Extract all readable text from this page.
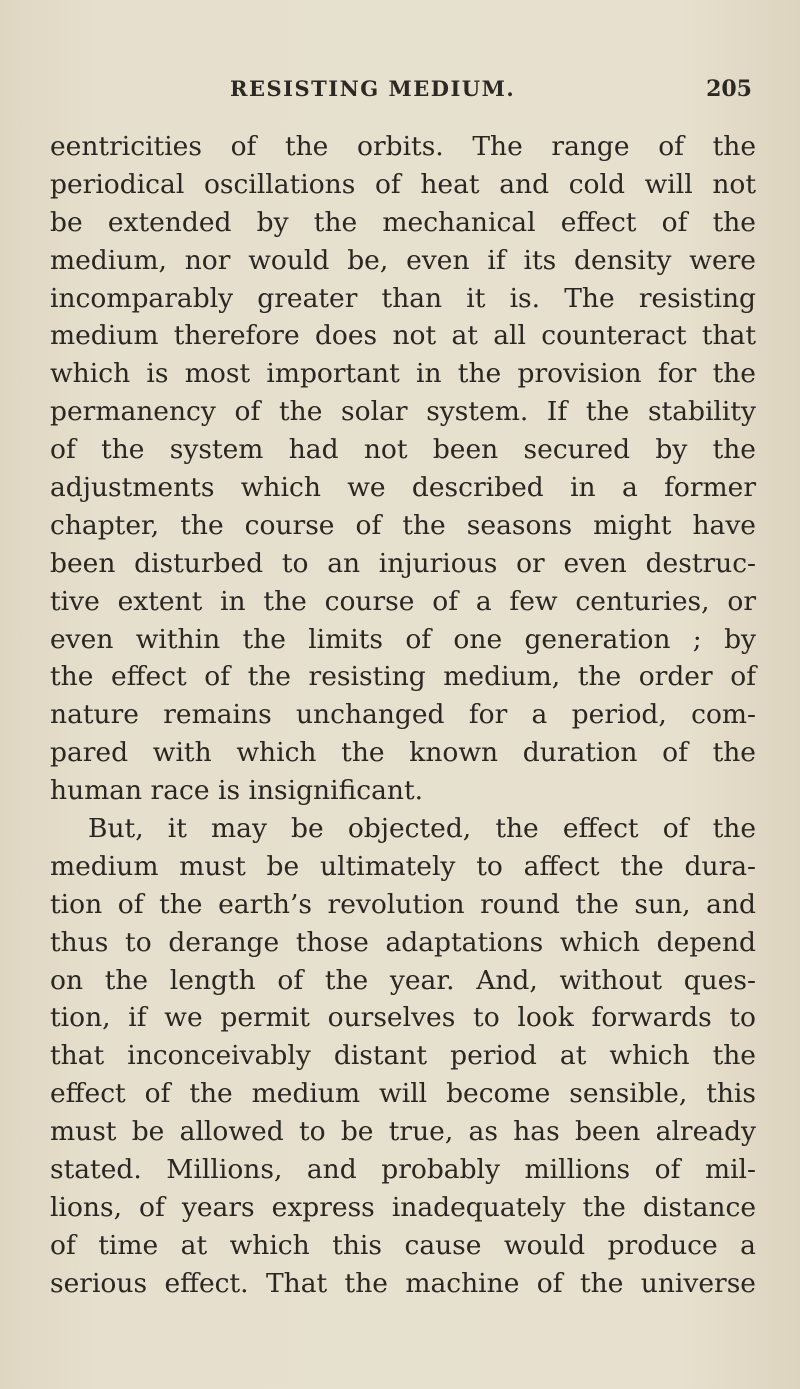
RESISTING MEDIUM.	205
eentricities of the orbits. The range of the
periodical oscillations of heat and cold will not
be extended by the mechanical effect of the
medium, nor would be, even if its density were
incomparably greater than it is. The resisting
medium therefore does not at all counteract that
which is most important in the provision for the
permanency of the solar system. If the stability
of the system had not been secured by the
adjustments which we described in a former
chapter, the course of the seasons might have
been disturbed to an injurious or even destruc-
tive extent in the course of a few centuries, or
even within the limits of one generation ; by
the effect of the resisting medium, the order of
nature remains unchanged for a period, com-
pared with which the known duration of the
human race is insignificant.
But, it may be objected, the effect of the
medium must be ultimately to affect the dura-
tion of the earth’s revolution round the sun, and
thus to derange those adaptations which depend
on the length of the year. And, without ques-
tion, if we permit ourselves to look forwards to
that inconceivably distant period at which the
effect of the medium will become sensible, this
must be allowed to be true, as has been already
stated. Millions, and probably millions of mil-
lions, of years express inadequately the distance
of time at which this cause would produce a
serious effect. That the machine of the universe
